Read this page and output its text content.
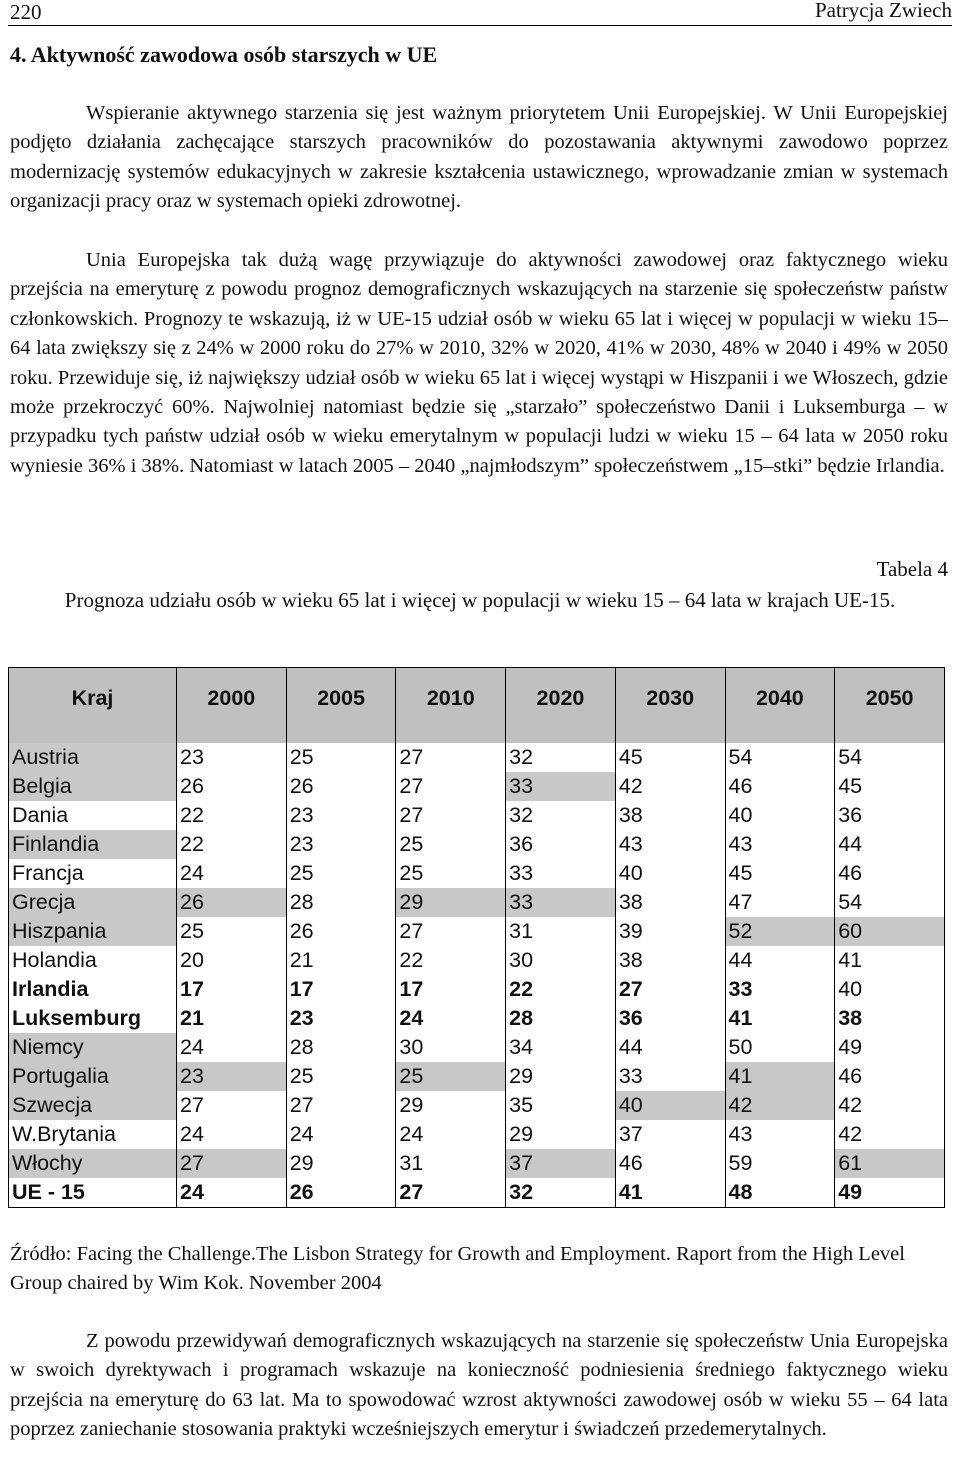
220	Patrycja Zwiech
4. Aktywność zawodowa osób starszych w UE

Wspieranie aktywnego starzenia się jest ważnym priorytetem Unii Europejskiej. W Unii Europejskiej podjęto działania zachęcające starszych pracowników do pozostawania aktywnymi zawodowo poprzez modernizację systemów edukacyjnych w zakresie kształcenia ustawicznego, wprowadzanie zmian w systemach organizacji pracy oraz w systemach opieki zdrowotnej.

Unia Europejska tak dużą wagę przywiązuje do aktywności zawodowej oraz faktycznego wieku przejścia na emeryturę z powodu prognoz demograficznych wskazujących na starzenie się społeczeństw państw członkowskich. Prognozy te wskazują, iż w UE-15 udział osób w wieku 65 lat i więcej w populacji w wieku 15–64 lata zwiększy się z 24% w 2000 roku do 27% w 2010, 32% w 2020, 41% w 2030, 48% w 2040 i 49% w 2050 roku. Przewiduje się, iż największy udział osób w wieku 65 lat i więcej wystąpi w Hiszpanii i we Włoszech, gdzie może przekroczyć 60%. Najwolniej natomiast będzie się „starzało” społeczeństwo Danii i Luksemburga – w przypadku tych państw udział osób w wieku emerytalnym w populacji ludzi w wieku 15 – 64 lata w 2050 roku wyniesie 36% i 38%. Natomiast w latach 2005 – 2040 „najmłodszym” społeczeństwem „15–stki” będzie Irlandia.

Tabela 4
Prognoza udziału osób w wieku 65 lat i więcej w populacji w wieku 15 – 64 lata w krajach UE-15.
Kraj	2000	2005	2010	2020	2030	2040	2050

Austria	23	25	27	32	45	54	54
Belgia	26	26	27	33	42	46	45
Dania	22	23	27	32	38	40	36
Finlandia	22	23	25	36	43	43	44
Francja	24	25	25	33	40	45	46
Grecja	26	28	29	33	38	47	54
Hiszpania	25	26	27	31	39	52	60
Holandia	20	21	22	30	38	44	41
Irlandia	17	17	17	22	27	33	40
Luksemburg	21	23	24	28	36	41	38
Niemcy	24	28	30	34	44	50	49
Portugalia	23	25	25	29	33	41	46
Szwecja	27	27	29	35	40	42	42
W.Brytania	24	24	24	29	37	43	42
Włochy	27	29	31	37	46	59	61
UE - 15	24	26	27	32	41	48	49

Źródło: Facing the Challenge.The Lisbon Strategy for Growth and Employment. Raport from the High Level Group chaired by Wim Kok. November 2004

Z powodu przewidywań demograficznych wskazujących na starzenie się społeczeństw Unia Europejska w swoich dyrektywach i programach wskazuje na konieczność podniesienia średniego faktycznego wieku przejścia na emeryturę do 63 lat. Ma to spowodować wzrost aktywności zawodowej osób w wieku 55 – 64 lata poprzez zaniechanie stosowania praktyki wcześniejszych emerytur i świadczeń przedemerytalnych.
